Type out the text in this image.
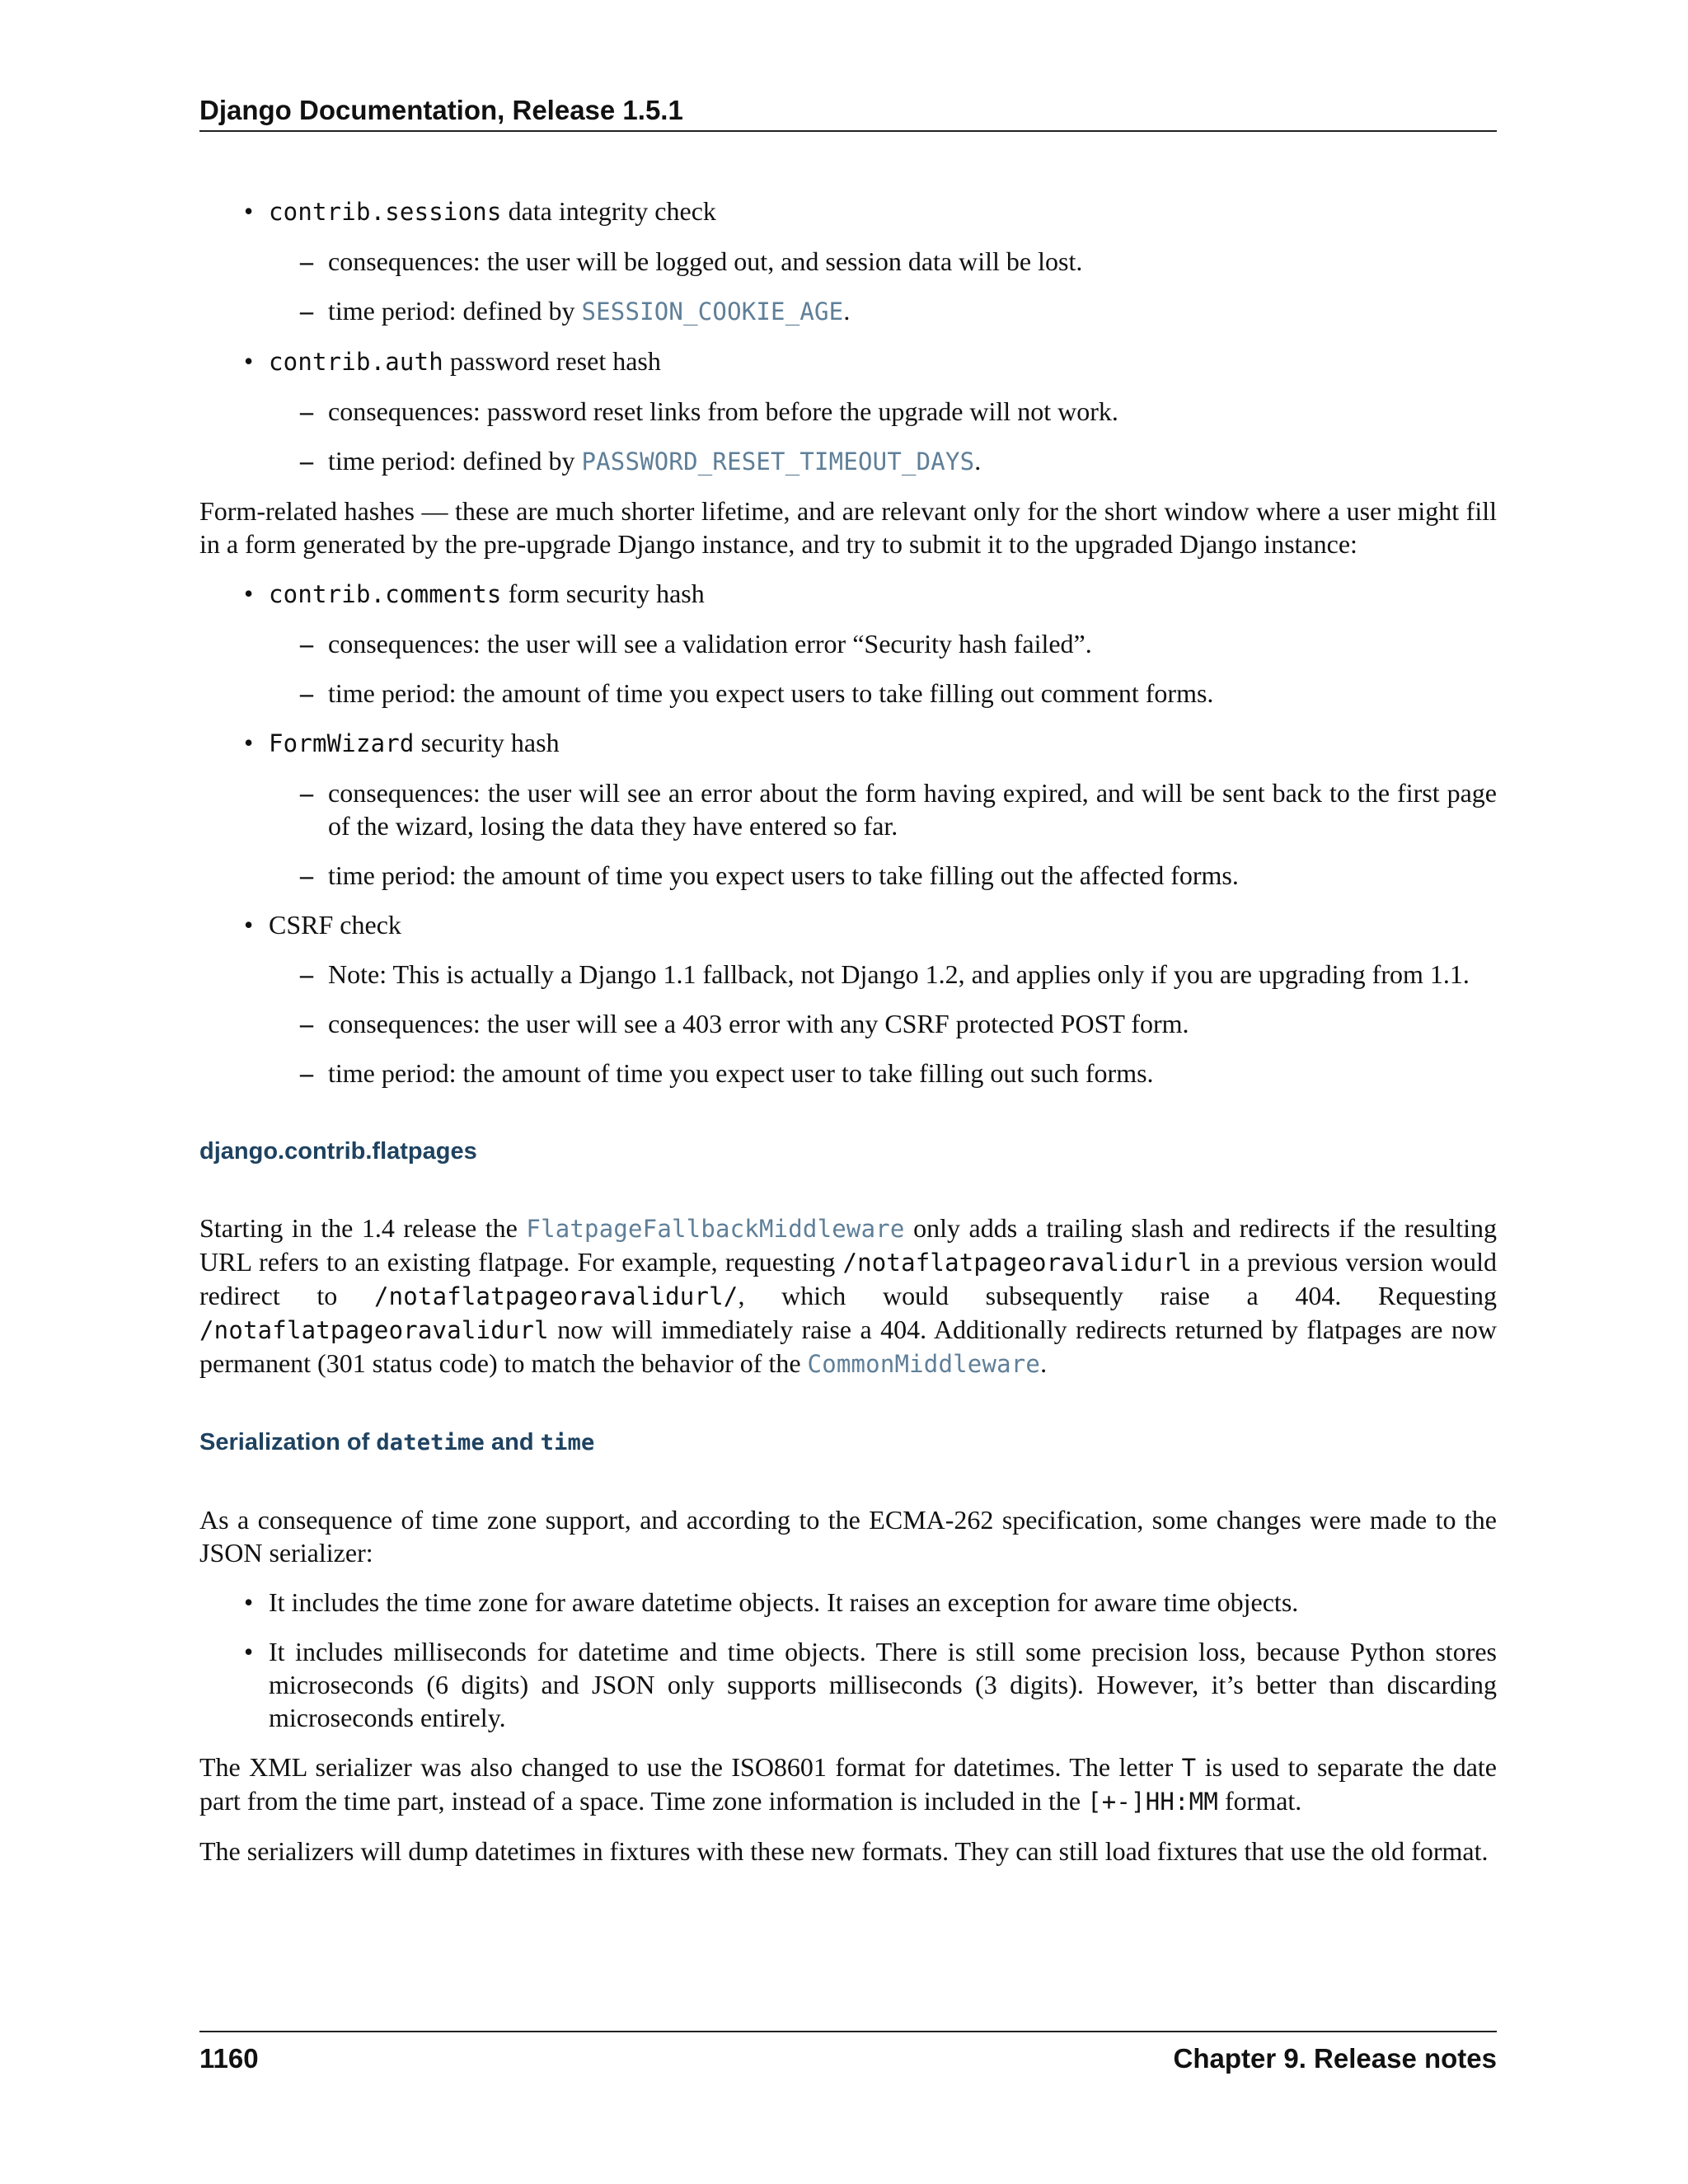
Django Documentation, Release 1.5.1
• contrib.sessions data integrity check
– consequences: the user will be logged out, and session data will be lost.
– time period: defined by SESSION_COOKIE_AGE.
• contrib.auth password reset hash
– consequences: password reset links from before the upgrade will not work.
– time period: defined by PASSWORD_RESET_TIMEOUT_DAYS.

Form-related hashes — these are much shorter lifetime, and are relevant only for the short window where a user might fill in a form generated by the pre-upgrade Django instance, and try to submit it to the upgraded Django instance:

• contrib.comments form security hash
– consequences: the user will see a validation error “Security hash failed”.
– time period: the amount of time you expect users to take filling out comment forms.
• FormWizard security hash
– consequences: the user will see an error about the form having expired, and will be sent back to the first page of the wizard, losing the data they have entered so far.
– time period: the amount of time you expect users to take filling out the affected forms.
• CSRF check
– Note: This is actually a Django 1.1 fallback, not Django 1.2, and applies only if you are upgrading from 1.1.
– consequences: the user will see a 403 error with any CSRF protected POST form.
– time period: the amount of time you expect user to take filling out such forms.
django.contrib.flatpages

Starting in the 1.4 release the FlatpageFallbackMiddleware only adds a trailing slash and redirects if the resulting URL refers to an existing flatpage. For example, requesting /notaflatpageoravalidurl in a previous version would redirect to /notaflatpageoravalidurl/, which would subsequently raise a 404. Requesting /notaflatpageoravalidurl now will immediately raise a 404. Additionally redirects returned by flatpages are now permanent (301 status code) to match the behavior of the CommonMiddleware.

Serialization of datetime and time

As a consequence of time zone support, and according to the ECMA-262 specification, some changes were made to the JSON serializer:

• It includes the time zone for aware datetime objects. It raises an exception for aware time objects.
• It includes milliseconds for datetime and time objects. There is still some precision loss, because Python stores microseconds (6 digits) and JSON only supports milliseconds (3 digits). However, it’s better than discarding microseconds entirely.

The XML serializer was also changed to use the ISO8601 format for datetimes. The letter T is used to separate the date part from the time part, instead of a space. Time zone information is included in the [+-]HH:MM format.

The serializers will dump datetimes in fixtures with these new formats. They can still load fixtures that use the old format.

1160	Chapter 9. Release notes
